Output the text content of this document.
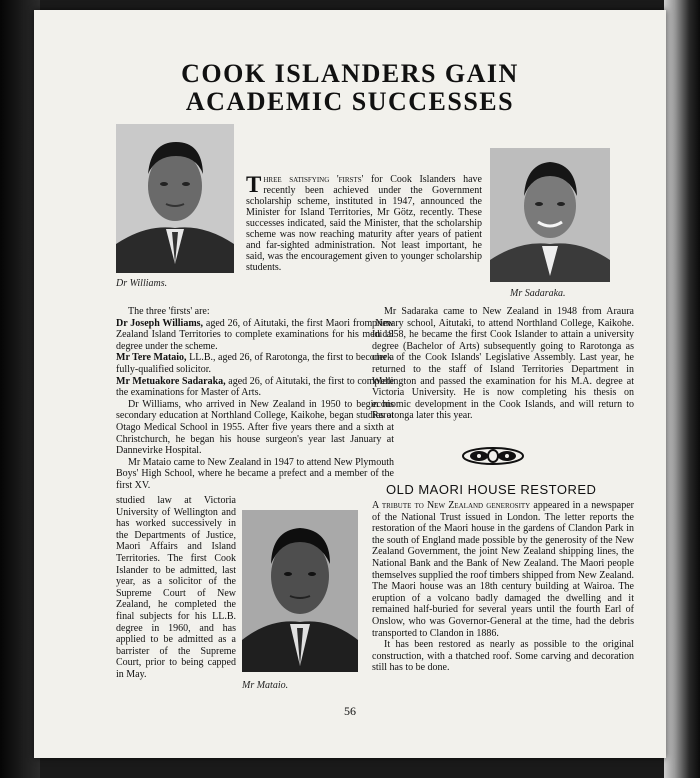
COOK ISLANDERS GAIN
ACADEMIC SUCCESSES
Dr Williams.
Three satisfying 'firsts' for Cook Islanders have recently been achieved under the Government scholarship scheme, instituted in 1947, announced the Minister for Island Territories, Mr Götz, recently. These successes indicated, said the Minister, that the scholarship scheme was now reaching maturity after years of patient and far-sighted administration. Not least important, he said, was the encouragement given to younger scholarship students.
Mr Sadaraka.

The three 'firsts' are:

Dr Joseph Williams, aged 26, of Aitutaki, the first Maori from New Zealand Island Territories to complete examinations for his medical degree under the scheme.

Mr Tere Mataio, LL.B., aged 26, of Rarotonga, the first to become a fully-qualified solicitor.

Mr Metuakore Sadaraka, aged 26, of Aitutaki, the first to complete the examinations for Master of Arts.

Dr Williams, who arrived in New Zealand in 1950 to begin his secondary education at Northland College, Kaikohe, began studies at Otago Medical School in 1955. After five years there and a sixth at Christchurch, he began his house surgeon's year last January at Dannevirke Hospital.

Mr Mataio came to New Zealand in 1947 to attend New Plymouth Boys' High School, where he became a prefect and a member of the first XV.

studied law at Victoria University of Wellington and has worked successively in the Departments of Justice, Maori Affairs and Island Territories. The first Cook Islander to be admitted, last year, as a solicitor of the Supreme Court of New Zealand, he completed the final subjects for his LL.B. degree in 1960, and has applied to be admitted as a barrister of the Supreme Court, prior to being capped in May.
Mr Mataio.

Mr Sadaraka came to New Zealand in 1948 from Araura primary school, Aitutaki, to attend Northland College, Kaikohe. In 1958, he became the first Cook Islander to attain a university degree (Bachelor of Arts) subsequently going to Rarotonga as clerk of the Cook Islands' Legislative Assembly. Last year, he returned to the staff of Island Territories Department in Wellington and passed the examination for his M.A. degree at Victoria University. He is now completing his thesis on economic development in the Cook Islands, and will return to Rarotonga later this year.

OLD MAORI HOUSE RESTORED

A tribute to New Zealand generosity appeared in a newspaper of the National Trust issued in London. The letter reports the restoration of the Maori house in the gardens of Clandon Park in the south of England made possible by the generosity of the New Zealand Government, the joint New Zealand shipping lines, the National Bank and the Bank of New Zealand. The Maori people themselves supplied the roof timbers shipped from New Zealand. The Maori house was an 18th century building at Wairoa. The eruption of a volcano badly damaged the dwelling and it remained half-buried for several years until the fourth Earl of Onslow, who was Governor-General at the time, had the debris transported to Clandon in 1886.

It has been restored as nearly as possible to the original construction, with a thatched roof. Some carving and decoration still has to be done.

56
